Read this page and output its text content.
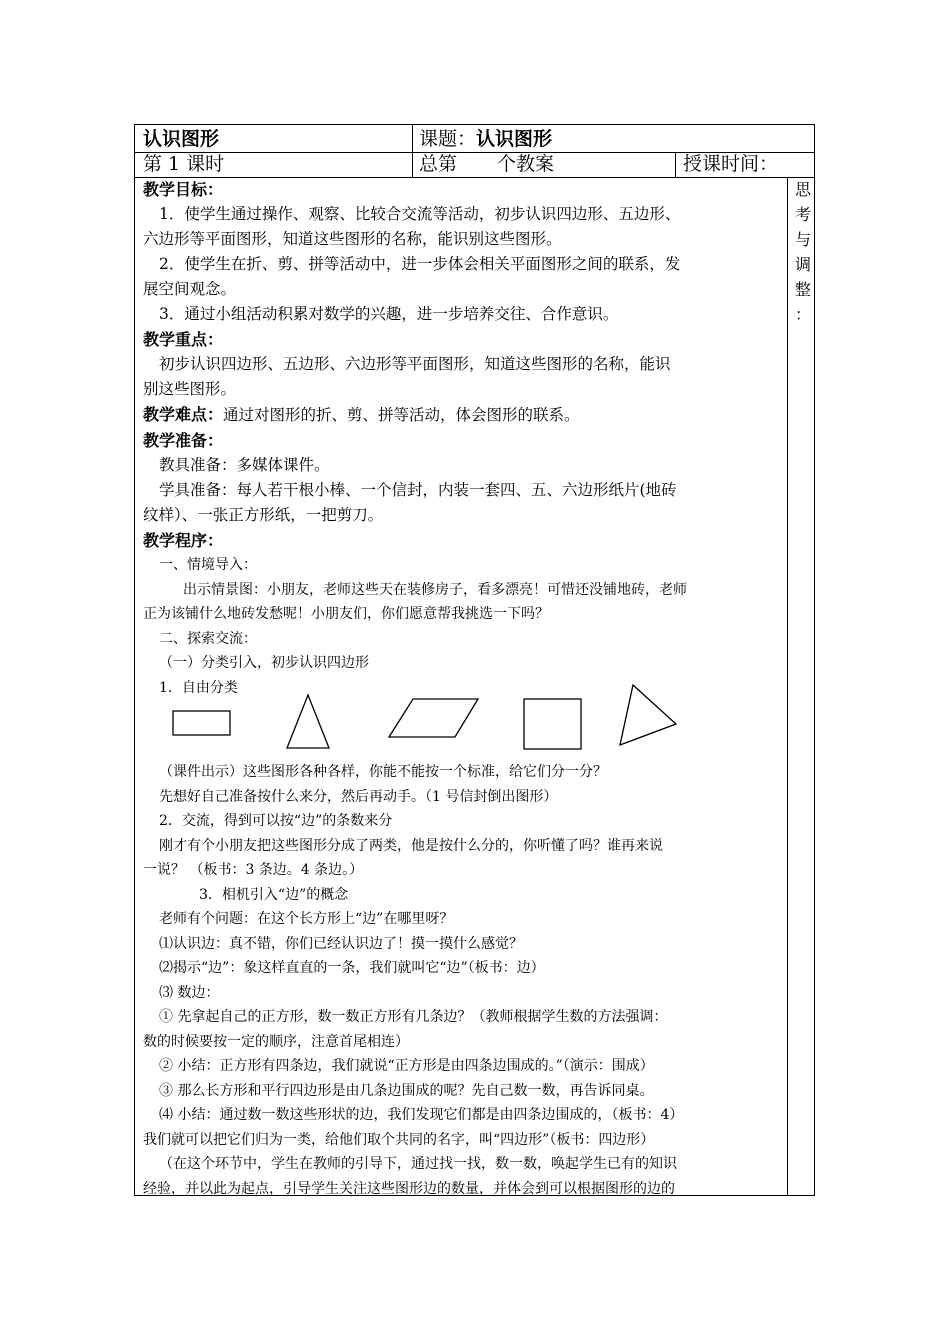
认识图形	课题：认识图形
第 1 课时	总第 个教案	授课时间：

教学目标：

1．使学生通过操作、观察、比较合交流等活动，初步认识四边形、五边形、

六边形等平面图形，知道这些图形的名称，能识别这些图形。

2．使学生在折、剪、拼等活动中，进一步体会相关平面图形之间的联系，发

展空间观念。

3．通过小组活动积累对数学的兴趣，进一步培养交往、合作意识。

教学重点：

初步认识四边形、五边形、六边形等平面图形，知道这些图形的名称，能识

别这些图形。

教学难点：通过对图形的折、剪、拼等活动，体会图形的联系。

教学准备：

教具准备：多媒体课件。

学具准备：每人若干根小棒、一个信封，内装一套四、五、六边形纸片(地砖

纹样）、一张正方形纸，一把剪刀。

教学程序：

一、情境导入：

出示情景图：小朋友，老师这些天在装修房子，看多漂亮！可惜还没铺地砖，老师

正为该铺什么地砖发愁呢！小朋友们，你们愿意帮我挑选一下吗？

二、探索交流：

（一）分类引入，初步认识四边形

1．自由分类

（课件出示）这些图形各种各样，你能不能按一个标准，给它们分一分？

先想好自己准备按什么来分，然后再动手。（1 号信封倒出图形）

2．交流，得到可以按“边”的条数来分

刚才有个小朋友把这些图形分成了两类，他是按什么分的，你听懂了吗？谁再来说

一说？ （板书：3 条边。4 条边。）

3．相机引入“边”的概念

老师有个问题：在这个长方形上“边”在哪里呀？

⑴认识边：真不错，你们已经认识边了！摸一摸什么感觉？

⑵揭示“边”：象这样直直的一条，我们就叫它“边”（板书：边）

⑶ 数边：

① 先拿起自己的正方形，数一数正方形有几条边？（教师根据学生数的方法强调：

数的时候要按一定的顺序，注意首尾相连）

② 小结：正方形有四条边，我们就说“正方形是由四条边围成的。”（演示：围成）

③ 那么长方形和平行四边形是由几条边围成的呢？先自己数一数，再告诉同桌。

⑷ 小结：通过数一数这些形状的边，我们发现它们都是由四条边围成的，（板书：4）

我们就可以把它们归为一类，给他们取个共同的名字，叫“四边形”（板书：四边形）

（在这个环节中，学生在教师的引导下，通过找一找，数一数，唤起学生已有的知识

经验，并以此为起点，引导学生关注这些图形边的数量，并体会到可以根据图形的边的

思
考
与
调
整
：
